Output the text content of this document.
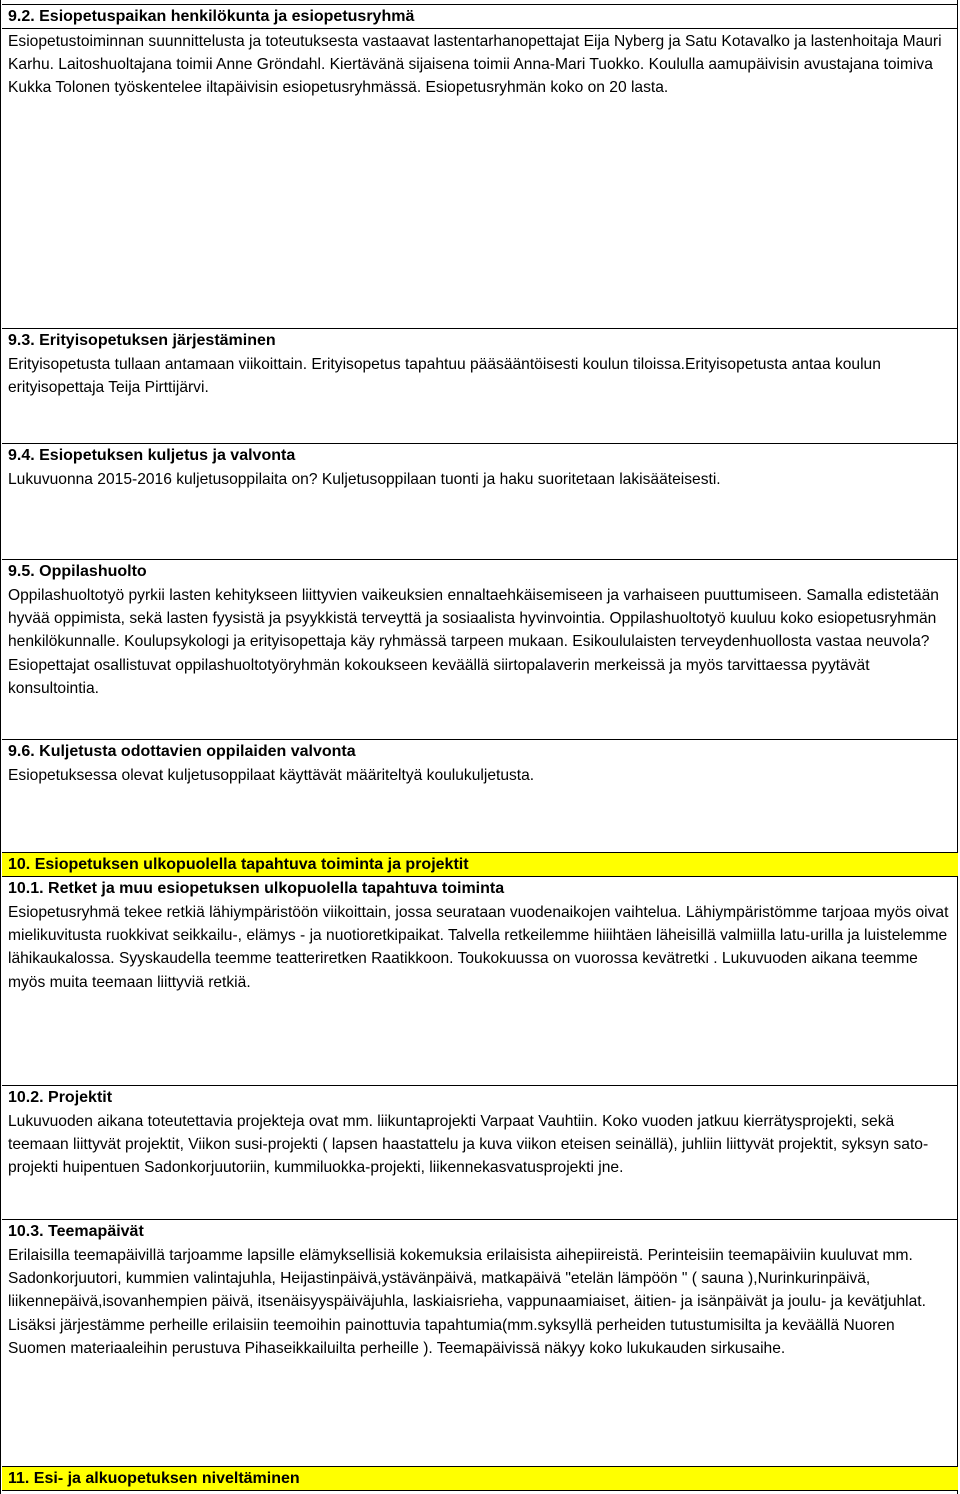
9.2. Esiopetuspaikan henkilökunta ja esiopetusryhmä

Esiopetustoiminnan suunnittelusta ja toteutuksesta vastaavat lastentarhanopettajat Eija Nyberg ja Satu Kotavalko ja lastenhoitaja Mauri Karhu. Laitoshuoltajana toimii Anne Gröndahl. Kiertävänä sijaisena toimii Anna-Mari Tuokko. Koululla aamupäivisin avustajana toimiva Kukka Tolonen työskentelee iltapäivisin esiopetusryhmässä. Esiopetusryhmän koko on 20 lasta.

9.3. Erityisopetuksen järjestäminen

Erityisopetusta tullaan antamaan viikoittain. Erityisopetus tapahtuu pääsääntöisesti koulun tiloissa.Erityisopetusta antaa koulun erityisopettaja Teija Pirttijärvi.

9.4. Esiopetuksen kuljetus ja valvonta

Lukuvuonna 2015-2016 kuljetusoppilaita on? Kuljetusoppilaan tuonti ja haku suoritetaan lakisääteisesti.

9.5. Oppilashuolto

Oppilashuoltotyö pyrkii lasten kehitykseen liittyvien vaikeuksien ennaltaehkäisemiseen ja varhaiseen puuttumiseen. Samalla edistetään hyvää oppimista, sekä lasten fyysistä ja psyykkistä terveyttä ja sosiaalista hyvinvointia. Oppilashuoltotyö kuuluu koko esiopetusryhmän henkilökunnalle. Koulupsykologi ja erityisopettaja käy ryhmässä tarpeen mukaan. Esikoululaisten terveydenhuollosta vastaa neuvola? Esiopettajat osallistuvat oppilashuoltotyöryhmän kokoukseen keväällä siirtopalaverin merkeissä ja myös tarvittaessa pyytävät konsultointia.

9.6. Kuljetusta odottavien oppilaiden valvonta

Esiopetuksessa olevat kuljetusoppilaat käyttävät määriteltyä koulukuljetusta.

10. Esiopetuksen ulkopuolella tapahtuva toiminta ja projektit
10.1. Retket ja muu esiopetuksen ulkopuolella tapahtuva toiminta

Esiopetusryhmä tekee retkiä lähiympäristöön viikoittain, jossa seurataan vuodenaikojen vaihtelua. Lähiympäristömme tarjoaa myös oivat mielikuvitusta ruokkivat seikkailu-, elämys - ja nuotioretkipaikat. Talvella retkeilemme hiiihtäen läheisillä valmiilla latu-urilla ja luistelemme lähikaukalossa. Syyskaudella teemme teatteriretken Raatikkoon. Toukokuussa on vuorossa kevätretki . Lukuvuoden aikana teemme myös muita teemaan liittyviä retkiä.

10.2. Projektit

Lukuvuoden aikana toteutettavia projekteja ovat mm. liikuntaprojekti Varpaat Vauhtiin. Koko vuoden jatkuu kierrätysprojekti, sekä teemaan liittyvät projektit, Viikon susi-projekti ( lapsen haastattelu ja kuva viikon eteisen seinällä), juhliin liittyvät projektit, syksyn sato-projekti huipentuen Sadonkorjuutoriin, kummiluokka-projekti, liikennekasvatusprojekti jne.

10.3. Teemapäivät

Erilaisilla teemapäivillä tarjoamme lapsille elämyksellisiä kokemuksia erilaisista aihepiireistä. Perinteisiin teemapäiviin kuuluvat mm. Sadonkorjuutori, kummien valintajuhla, Heijastinpäivä,ystävänpäivä, matkapäivä "etelän lämpöön " ( sauna ),Nurinkurinpäivä, liikennepäivä,isovanhempien päivä, itsenäisyyspäiväjuhla, laskiaisrieha, vappunaamiaiset, äitien- ja isänpäivät ja joulu- ja kevätjuhlat. Lisäksi järjestämme perheille erilaisiin teemoihin painottuvia tapahtumia(mm.syksyllä perheiden tutustumisilta ja keväällä Nuoren Suomen materiaaleihin perustuva Pihaseikkailuilta perheille ). Teemapäivissä näkyy koko lukukauden sirkusaihe.

11. Esi- ja alkuopetuksen niveltäminen
